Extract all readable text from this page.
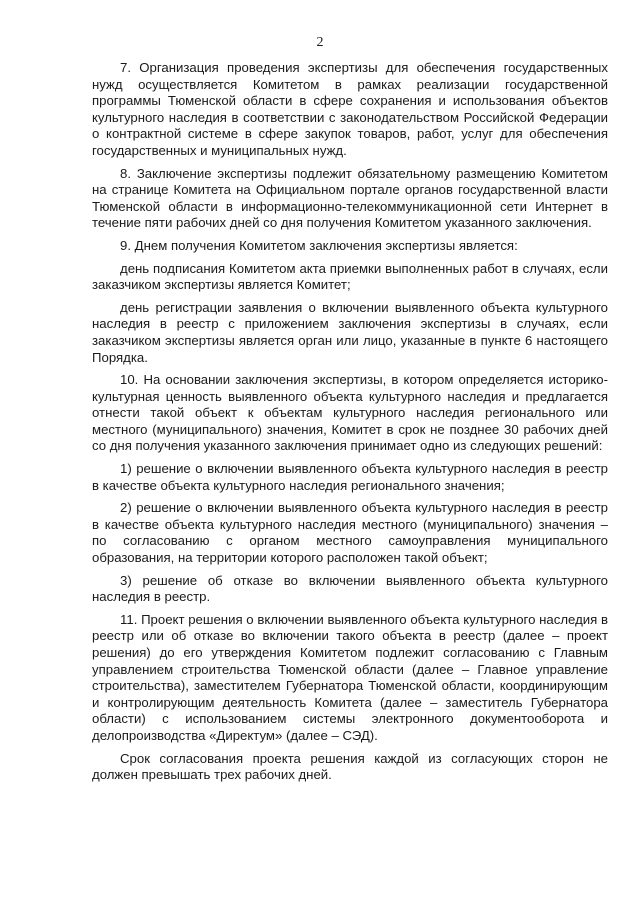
2

7. Организация проведения экспертизы для обеспечения государственных нужд осуществляется Комитетом в рамках реализации государственной программы Тюменской области в сфере сохранения и использования объектов культурного наследия в соответствии с законодательством Российской Федерации о контрактной системе в сфере закупок товаров, работ, услуг для обеспечения государственных и муниципальных нужд.

8. Заключение экспертизы подлежит обязательному размещению Комитетом на странице Комитета на Официальном портале органов государственной власти Тюменской области в информационно-телекоммуникационной сети Интернет в течение пяти рабочих дней со дня получения Комитетом указанного заключения.

9. Днем получения Комитетом заключения экспертизы является:

день подписания Комитетом акта приемки выполненных работ в случаях, если заказчиком экспертизы является Комитет;

день регистрации заявления о включении выявленного объекта культурного наследия в реестр с приложением заключения экспертизы в случаях, если заказчиком экспертизы является орган или лицо, указанные в пункте 6 настоящего Порядка.

10. На основании заключения экспертизы, в котором определяется историко-культурная ценность выявленного объекта культурного наследия и предлагается отнести такой объект к объектам культурного наследия регионального или местного (муниципального) значения, Комитет в срок не позднее 30 рабочих дней со дня получения указанного заключения принимает одно из следующих решений:

1) решение о включении выявленного объекта культурного наследия в реестр в качестве объекта культурного наследия регионального значения;

2) решение о включении выявленного объекта культурного наследия в реестр в качестве объекта культурного наследия местного (муниципального) значения – по согласованию с органом местного самоуправления муниципального образования, на территории которого расположен такой объект;

3) решение об отказе во включении выявленного объекта культурного наследия в реестр.

11. Проект решения о включении выявленного объекта культурного наследия в реестр или об отказе во включении такого объекта в реестр (далее – проект решения) до его утверждения Комитетом подлежит согласованию с Главным управлением строительства Тюменской области (далее – Главное управление строительства), заместителем Губернатора Тюменской области, координирующим и контролирующим деятельность Комитета (далее – заместитель Губернатора области) с использованием системы электронного документооборота и делопроизводства «Директум» (далее – СЭД).

Срок согласования проекта решения каждой из согласующих сторон не должен превышать трех рабочих дней.
